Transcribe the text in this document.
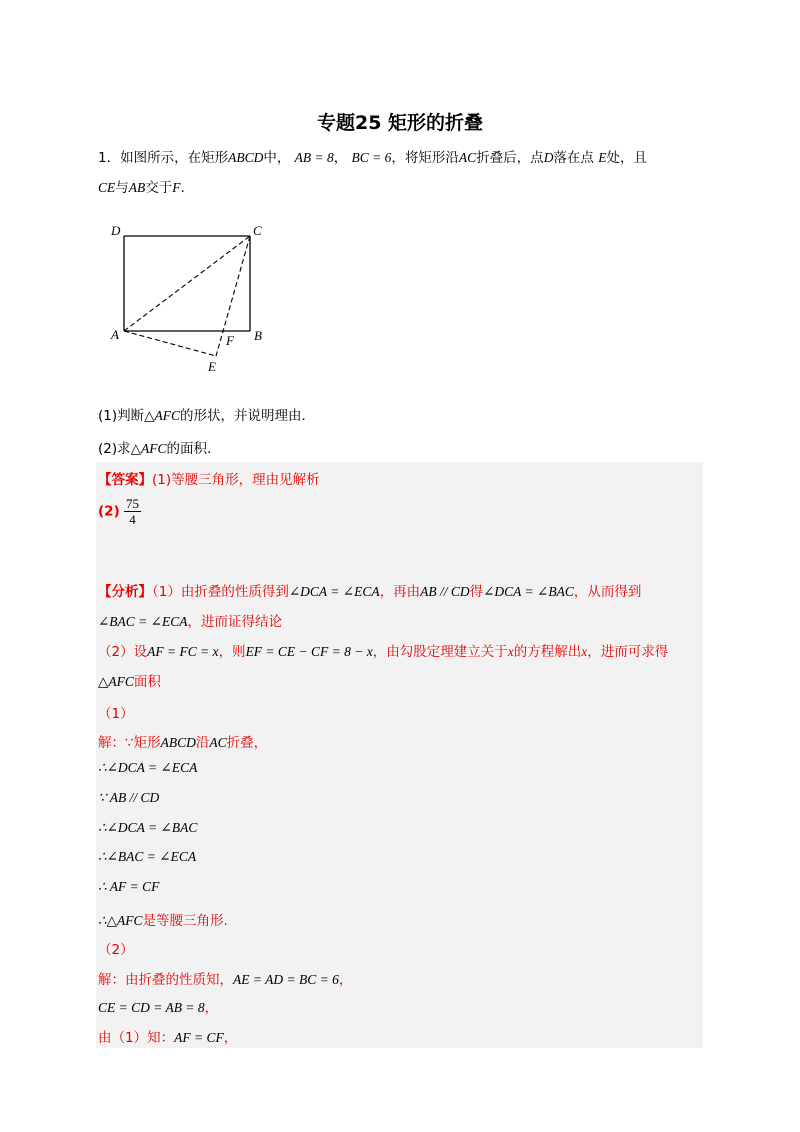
专题25 矩形的折叠
1．如图所示，在矩形ABCD中， AB = 8， BC = 6，将矩形沿AC折叠后，点D落在点 E处，且
CE与AB交于F.
D	C
A	B
F
E
(1)判断△AFC的形状，并说明理由.
(2)求△AFC的面积.
【答案】(1)等腰三角形，理由见解析
$(2) \frac{75}{4}$
【分析】（1）由折叠的性质得到∠DCA = ∠ECA，再由AB // CD得∠DCA = ∠BAC，从而得到
∠BAC = ∠ECA，进而证得结论
（2）设AF = FC = x，则EF = CE − CF = 8 − x，由勾股定理建立关于x的方程解出x，进而可求得
△AFC面积
（1）
解：∵矩形ABCD沿AC折叠，
∴∠DCA = ∠ECA
∵ AB // CD
∴∠DCA = ∠BAC
∴∠BAC = ∠ECA
∴ AF = CF
∴△AFC是等腰三角形.
（2）
解：由折叠的性质知，AE = AD = BC = 6，
CE = CD = AB = 8，
由（1）知：AF = CF，
